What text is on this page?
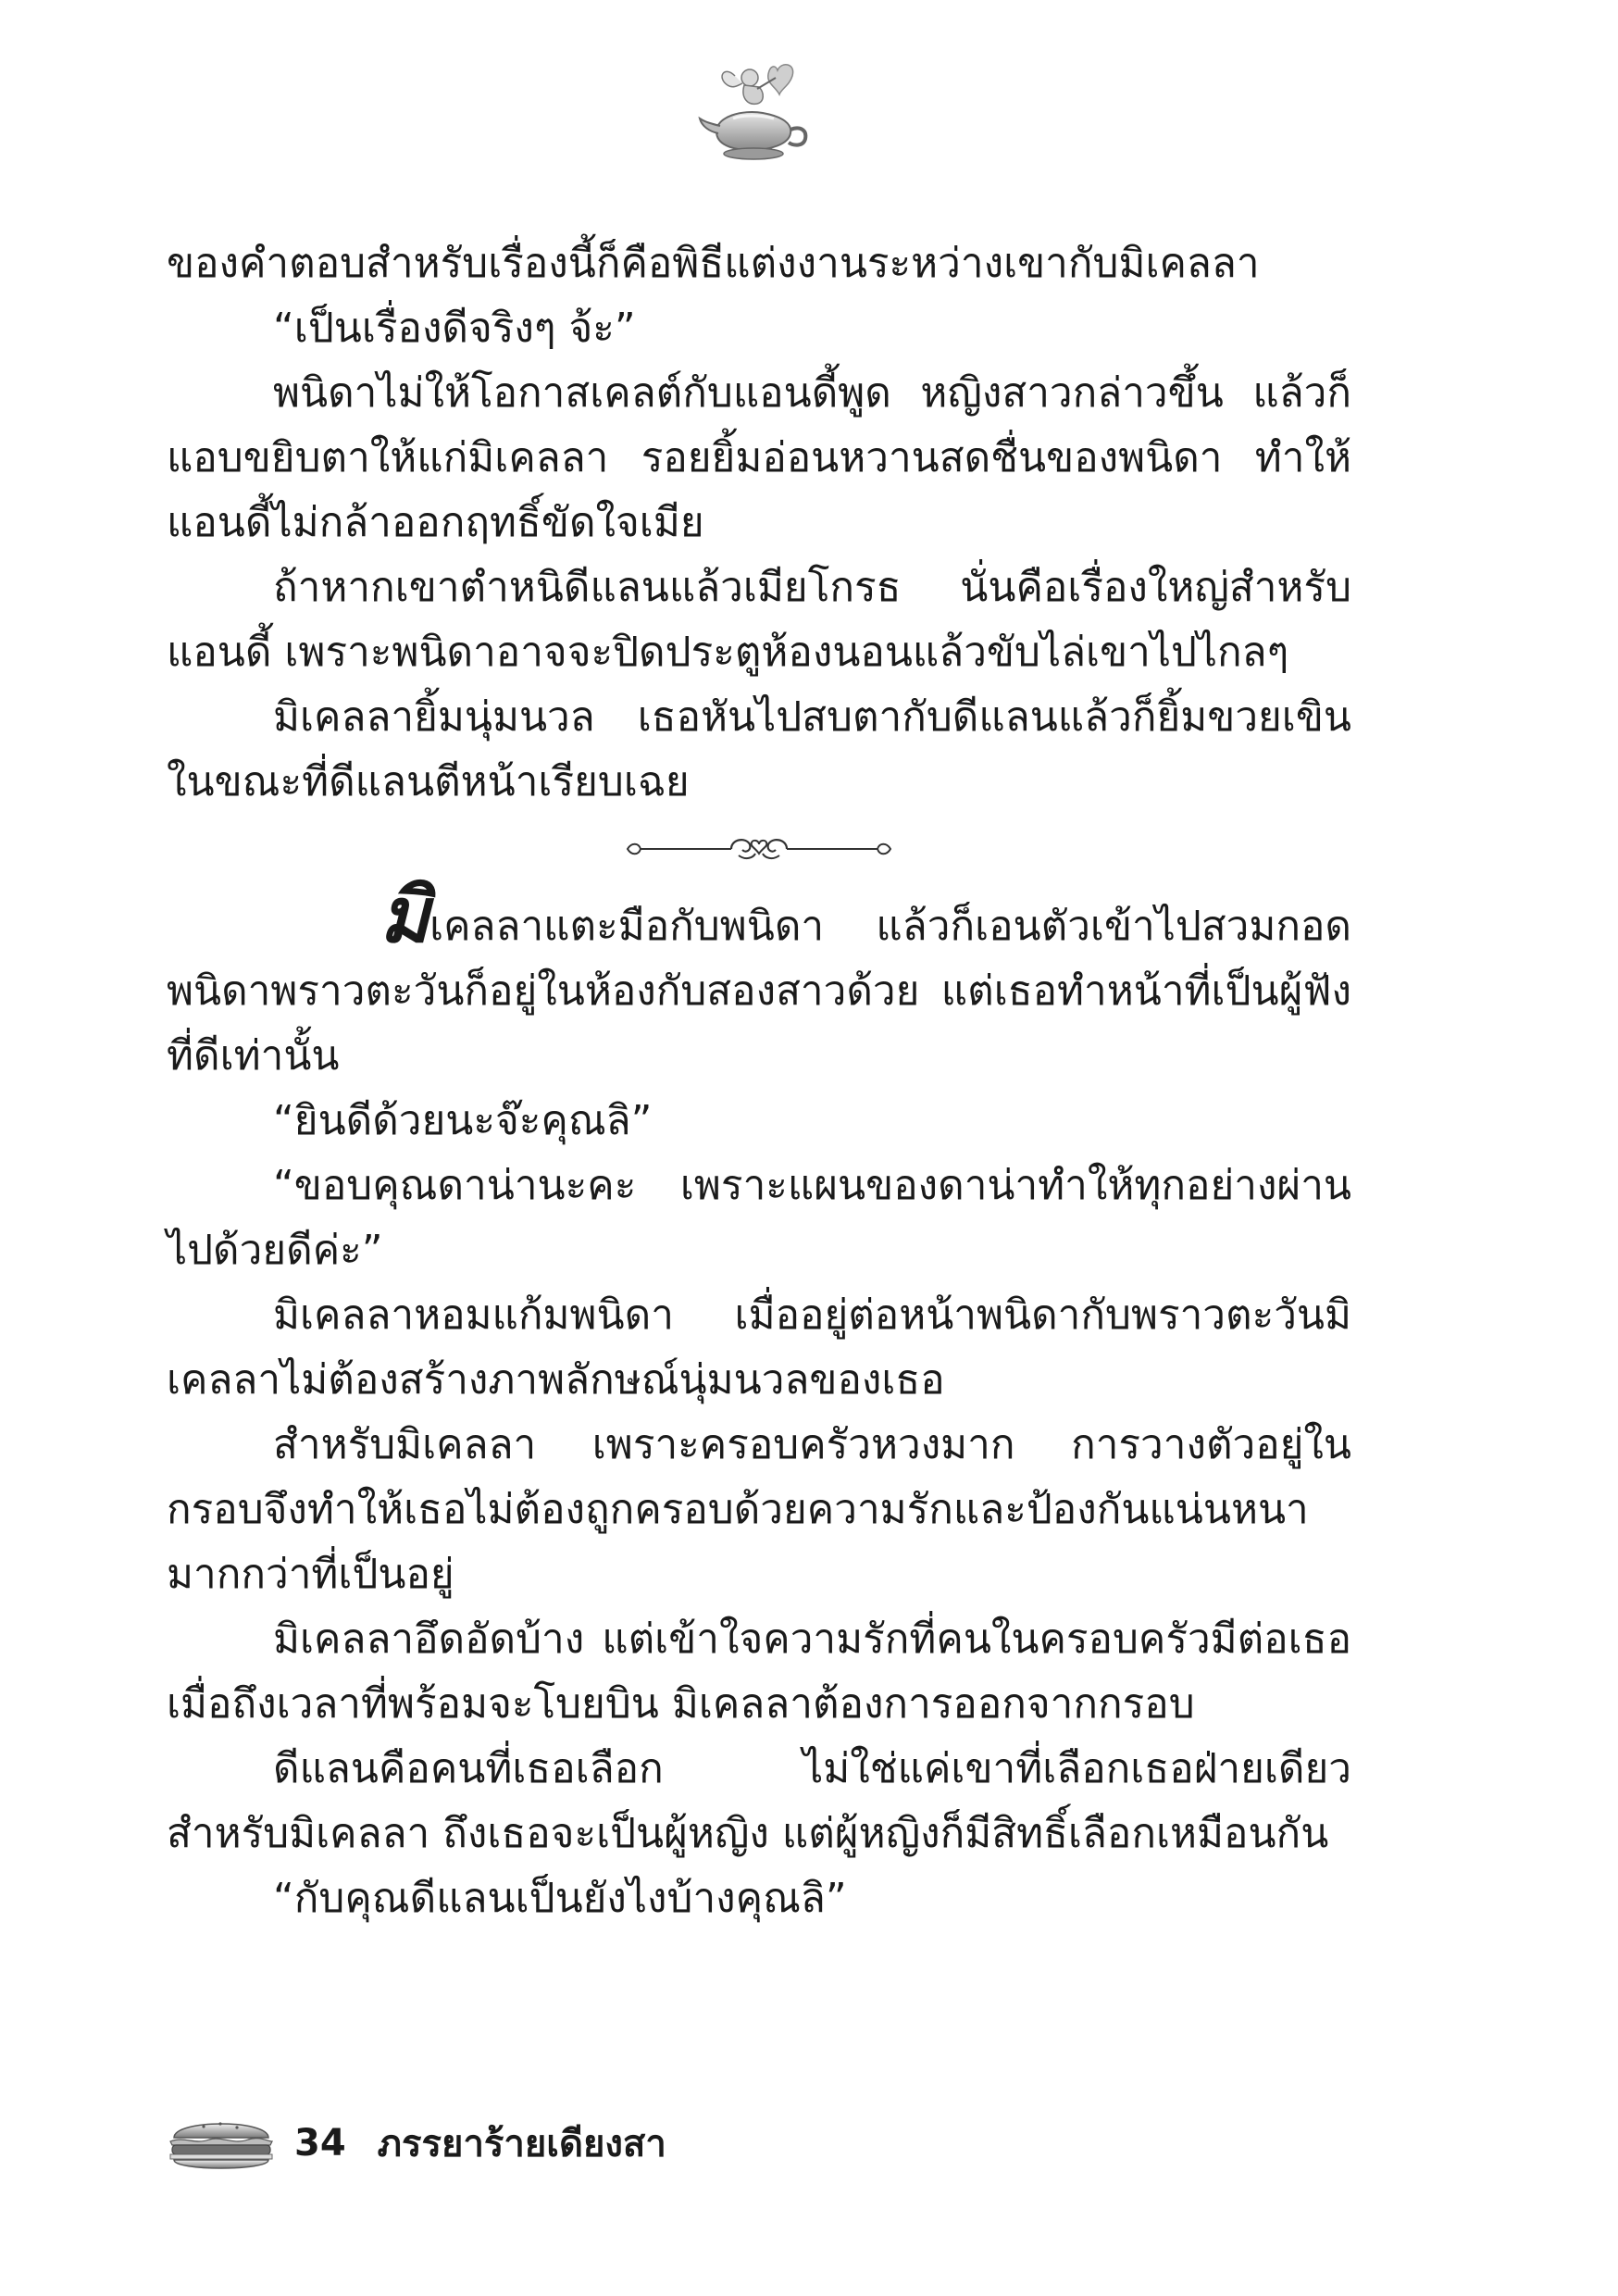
ของคำตอบสำหรับเรื่องนี้ก็คือพิธีแต่งงานระหว่างเขากับมิเคลลา

“เป็นเรื่องดีจริงๆ จ้ะ”

พนิดาไม่ให้โอกาสเคลต์กับแอนดี้พูด หญิงสาวกล่าวขึ้น แล้วก็แอบขยิบตาให้แก่มิเคลลา รอยยิ้มอ่อนหวานสดชื่นของพนิดา ทำให้แอนดี้ไม่กล้าออกฤทธิ์ขัดใจเมีย

ถ้าหากเขาตำหนิดีแลนแล้วเมียโกรธ นั่นคือเรื่องใหญ่สำหรับแอนดี้ เพราะพนิดาอาจจะปิดประตูห้องนอนแล้วขับไล่เขาไปไกลๆ

มิเคลลายิ้มนุ่มนวล เธอหันไปสบตากับดีแลนแล้วก็ยิ้มขวยเขินในขณะที่ดีแลนตีหน้าเรียบเฉย

มิเคลลาแตะมือกับพนิดา แล้วก็เอนตัวเข้าไปสวมกอดพนิดาพราวตะวันก็อยู่ในห้องกับสองสาวด้วย แต่เธอทำหน้าที่เป็นผู้ฟังที่ดีเท่านั้น

“ยินดีด้วยนะจ๊ะคุณลิ”

“ขอบคุณดาน่านะคะ เพราะแผนของดาน่าทำให้ทุกอย่างผ่านไปด้วยดีค่ะ”

มิเคลลาหอมแก้มพนิดา เมื่ออยู่ต่อหน้าพนิดากับพราวตะวันมิเคลลาไม่ต้องสร้างภาพลักษณ์นุ่มนวลของเธอ

สำหรับมิเคลลา เพราะครอบครัวหวงมาก การวางตัวอยู่ในกรอบจึงทำให้เธอไม่ต้องถูกครอบด้วยความรักและป้องกันแน่นหนามากกว่าที่เป็นอยู่

มิเคลลาอึดอัดบ้าง แต่เข้าใจความรักที่คนในครอบครัวมีต่อเธอเมื่อถึงเวลาที่พร้อมจะโบยบิน มิเคลลาต้องการออกจากกรอบ

ดีแลนคือคนที่เธอเลือก ไม่ใช่แค่เขาที่เลือกเธอฝ่ายเดียว สำหรับมิเคลลา ถึงเธอจะเป็นผู้หญิง แต่ผู้หญิงก็มีสิทธิ์เลือกเหมือนกัน

“กับคุณดีแลนเป็นยังไงบ้างคุณลิ”

34 ภรรยาร้ายเดียงสา
